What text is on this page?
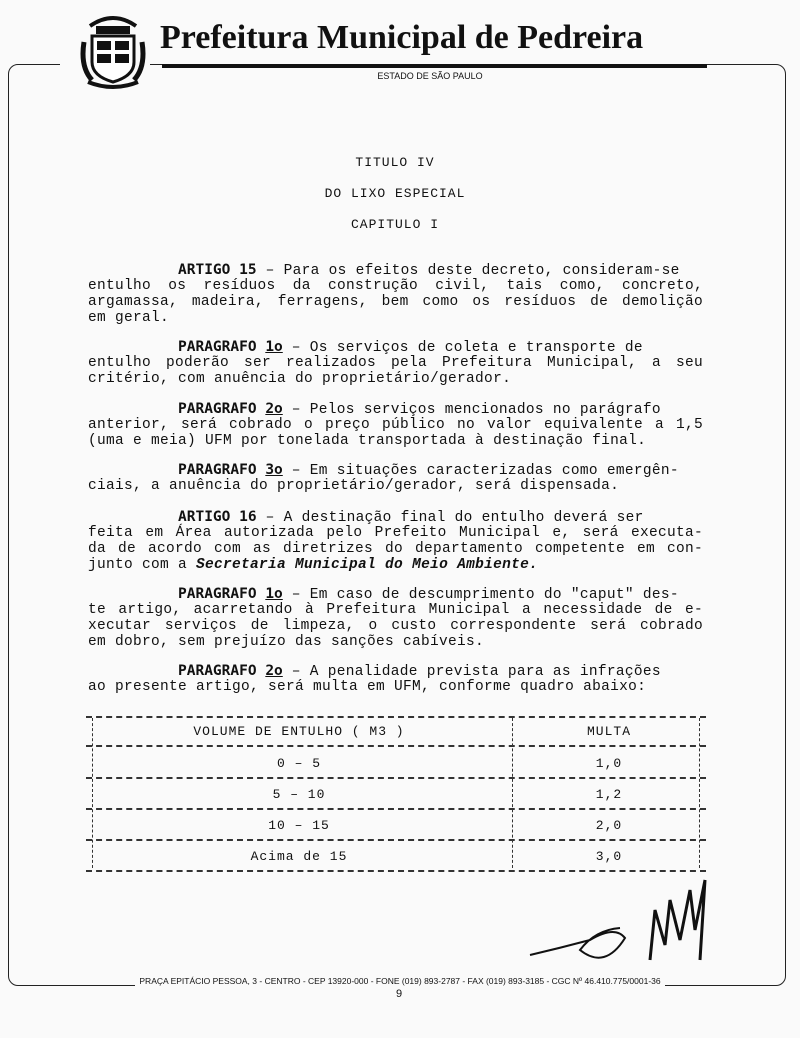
Prefeitura Municipal de Pedreira
ESTADO DE SÃO PAULO
TITULO IV
DO LIXO ESPECIAL
CAPITULO I
ARTIGO 15 – Para os efeitos deste decreto, consideram-se
entulho os resíduos da construção civil, tais como, concreto,
argamassa, madeira, ferragens, bem como os resíduos de demolição
em geral.
PARAGRAFO 1o – Os serviços de coleta e transporte de
entulho poderão ser realizados pela Prefeitura Municipal, a seu
critério, com anuência do proprietário/gerador.
PARAGRAFO 2o – Pelos serviços mencionados no parágrafo
anterior, será cobrado o preço público no valor equivalente a 1,5
(uma e meia) UFM por tonelada transportada à destinação final.
PARAGRAFO 3o – Em situações caracterizadas como emergên-
ciais, a anuência do proprietário/gerador, será dispensada.
ARTIGO 16 – A destinação final do entulho deverá ser
feita em Área autorizada pelo Prefeito Municipal e, será executa-
da de acordo com as diretrizes do departamento competente em con-
junto com a Secretaria Municipal do Meio Ambiente.
PARAGRAFO 1o – Em caso de descumprimento do "caput" des-
te artigo, acarretando à Prefeitura Municipal a necessidade de e-
xecutar serviços de limpeza, o custo correspondente será cobrado
em dobro, sem prejuízo das sanções cabíveis.
PARAGRAFO 2o – A penalidade prevista para as infrações
ao presente artigo, será multa em UFM, conforme quadro abaixo:
VOLUME DE ENTULHO ( M3 )	MULTA
0 – 5	1,0
5 – 10	1,2
10 – 15	2,0
Acima de 15	3,0
PRAÇA EPITÁCIO PESSOA, 3 - CENTRO - CEP 13920-000 - FONE (019) 893-2787 - FAX (019) 893-3185 - CGC Nº 46.410.775/0001-36
9
